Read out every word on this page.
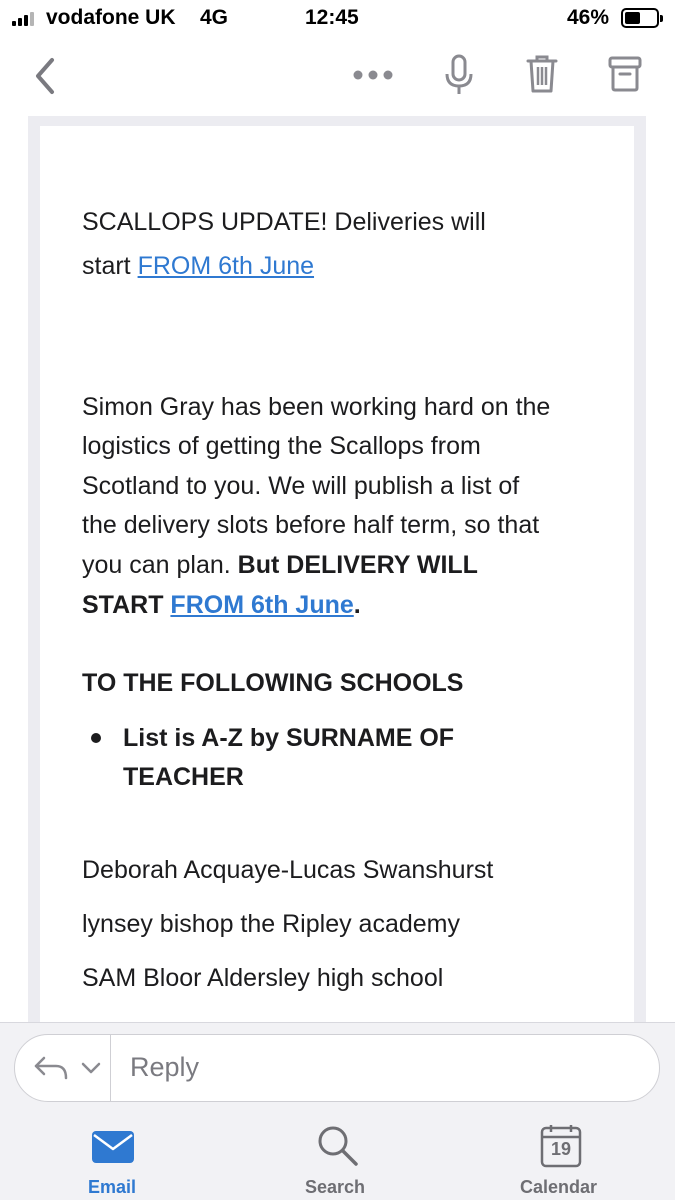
vodafone UK 4G	12:45	46%
SCALLOPS UPDATE! Deliveries will
start FROM 6th June
Simon Gray has been working hard on the
logistics of getting the Scallops from
Scotland to you. We will publish a list of
the delivery slots before half term, so that
you can plan. But DELIVERY WILL
START FROM 6th June.
TO THE FOLLOWING SCHOOLS
List is A-Z by SURNAME OF
TEACHER
Deborah Acquaye-Lucas Swanshurst
lynsey bishop the Ripley academy
SAM Bloor Aldersley high school
Reply
Email	Search
19
Calendar
